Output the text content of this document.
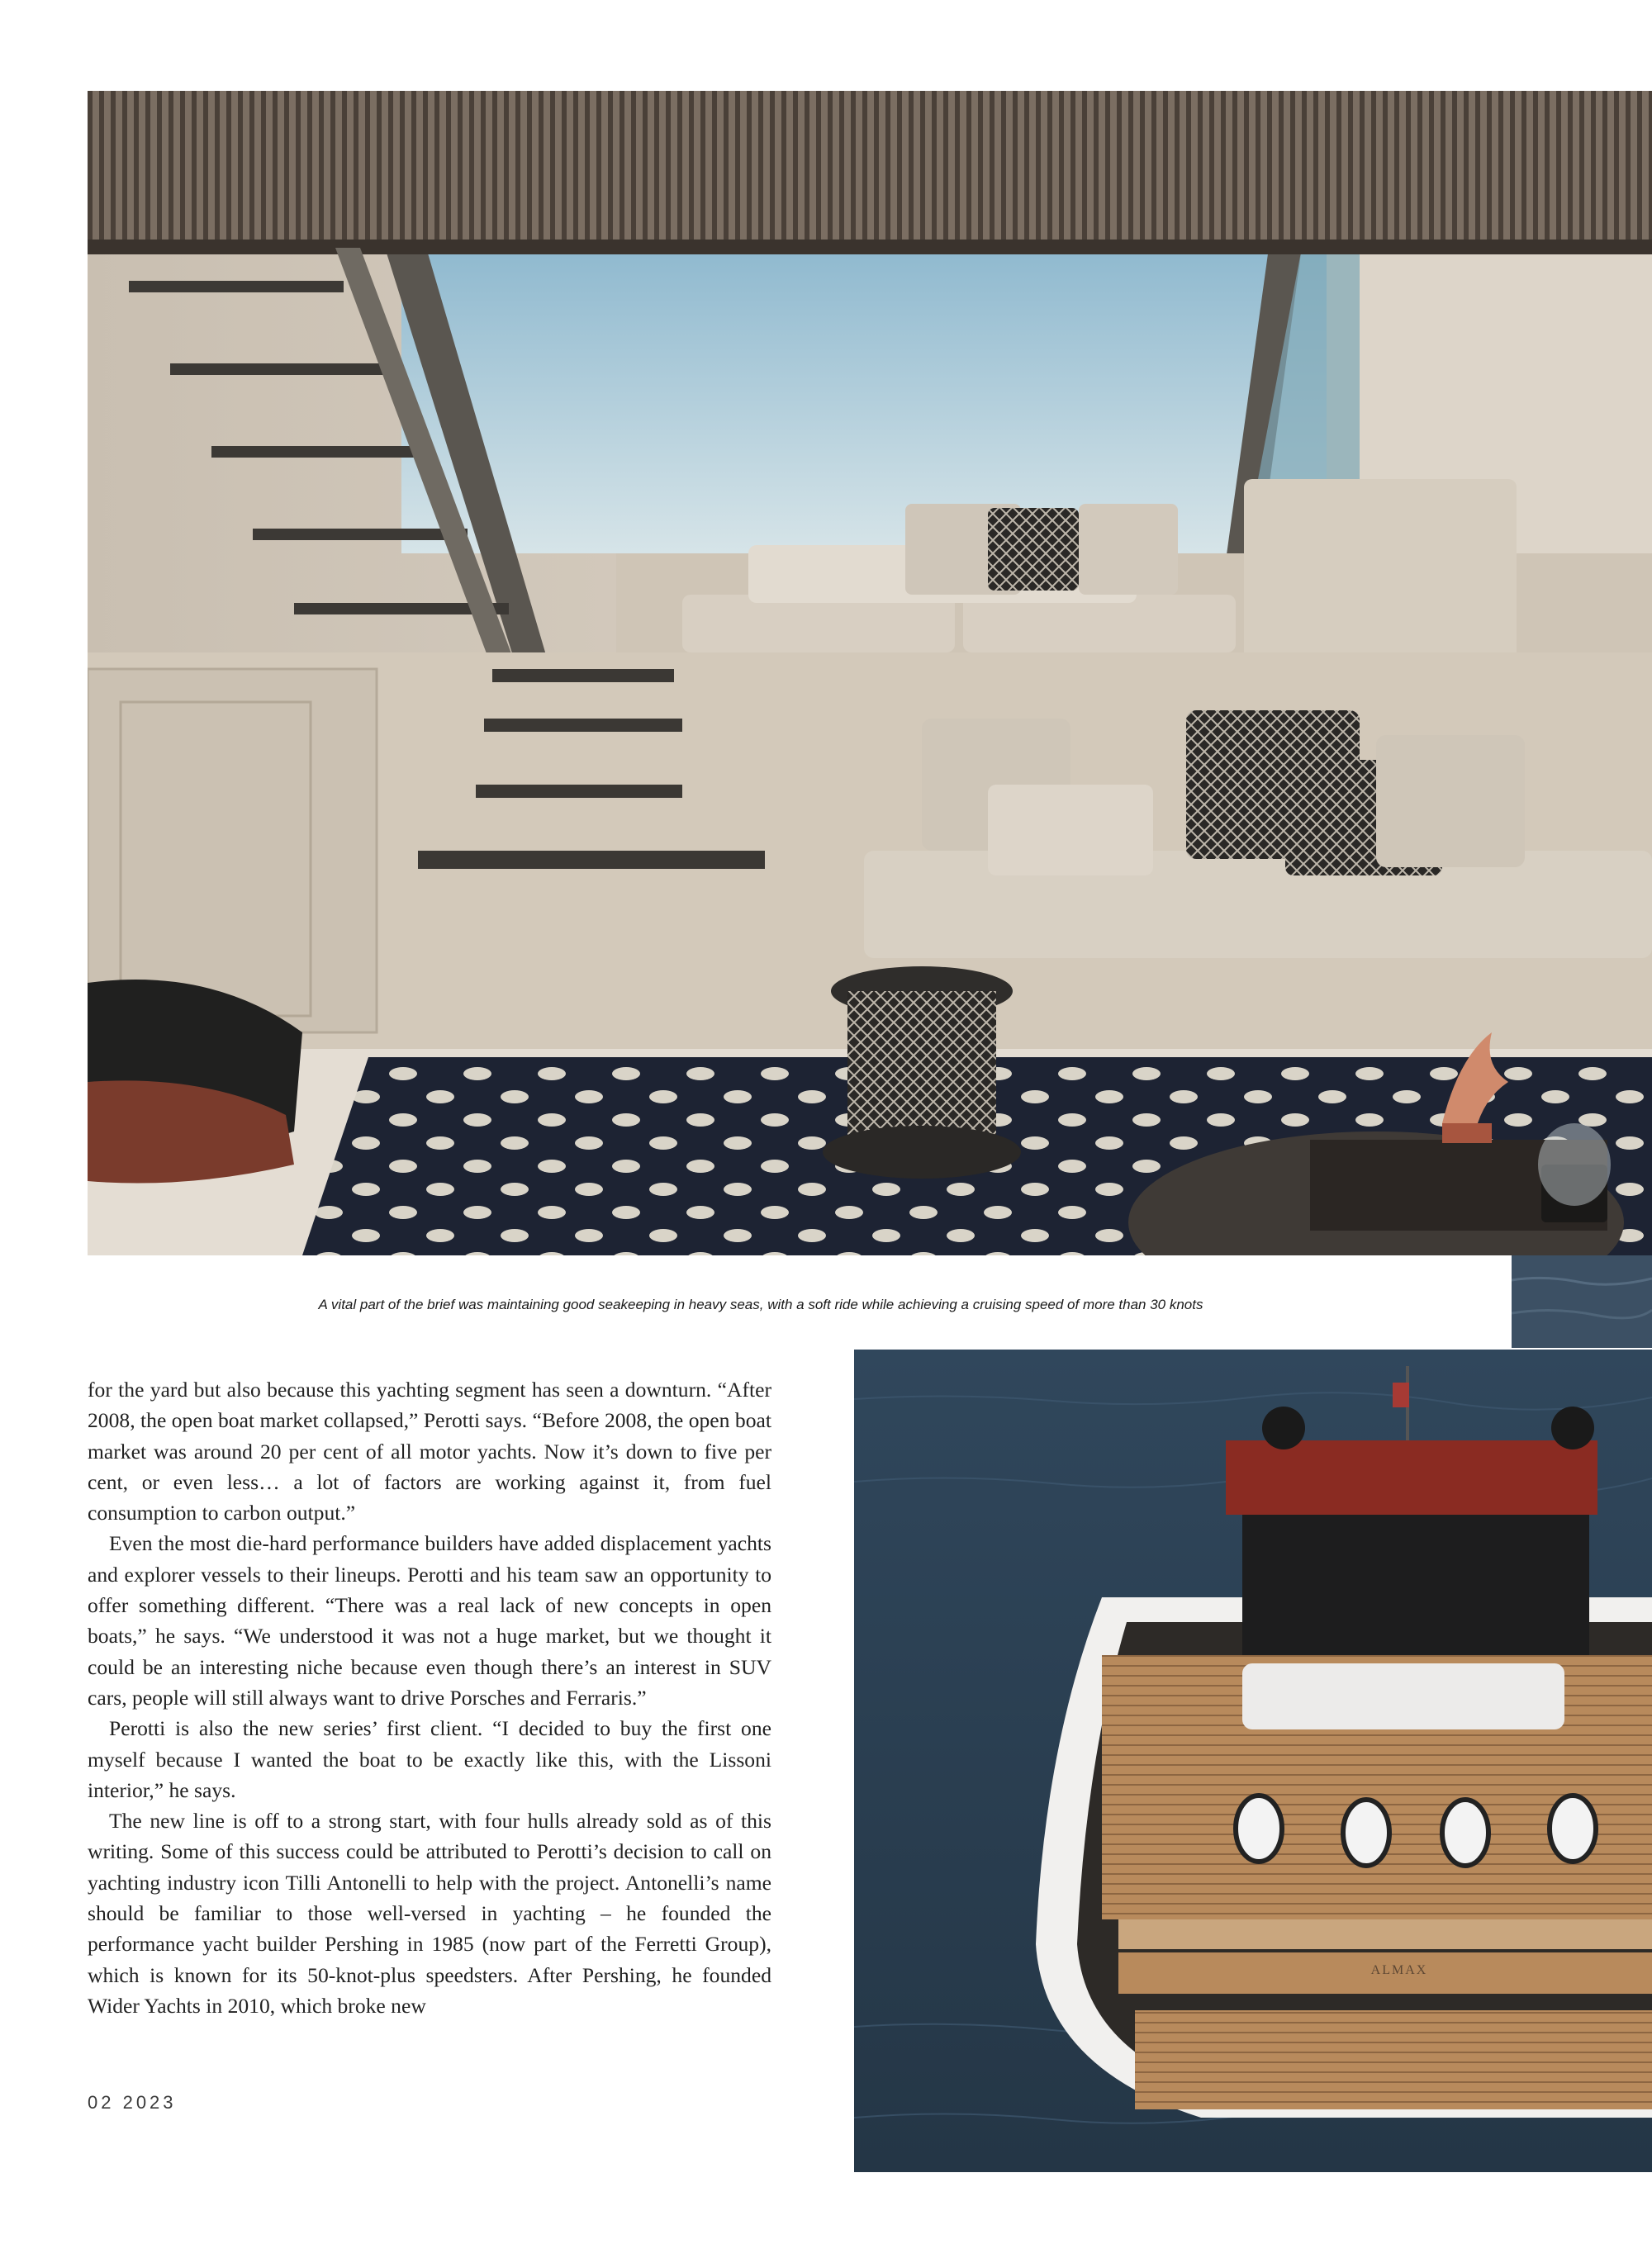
A vital part of the brief was maintaining good seakeeping in heavy seas, with a soft ride while achieving a cruising speed of more than 30 knots

for the yard but also because this yachting segment has seen a downturn. “After 2008, the open boat market collapsed,” Perotti says. “Before 2008, the open boat market was around 20 per cent of all motor yachts. Now it’s down to five per cent, or even less… a lot of factors are working against it, from fuel consumption to carbon output.”

Even the most die-hard performance builders have added displacement yachts and explorer vessels to their lineups. Perotti and his team saw an opportunity to offer something different. “There was a real lack of new concepts in open boats,” he says. “We understood it was not a huge market, but we thought it could be an interesting niche because even though there’s an interest in SUV cars, people will still always want to drive Porsches and Ferraris.”

Perotti is also the new series’ first client. “I decided to buy the first one myself because I wanted the boat to be exactly like this, with the Lissoni interior,” he says.

The new line is off to a strong start, with four hulls already sold as of this writing. Some of this success could be attributed to Perotti’s decision to call on yachting industry icon Tilli Antonelli to help with the project. Antonelli’s name should be familiar to those well-versed in yachting – he founded the performance yacht builder Pershing in 1985 (now part of the Ferretti Group), which is known for its 50-knot-plus speedsters. After Pershing, he founded Wider Yachts in 2010, which broke new

ALMAX
02 2023
